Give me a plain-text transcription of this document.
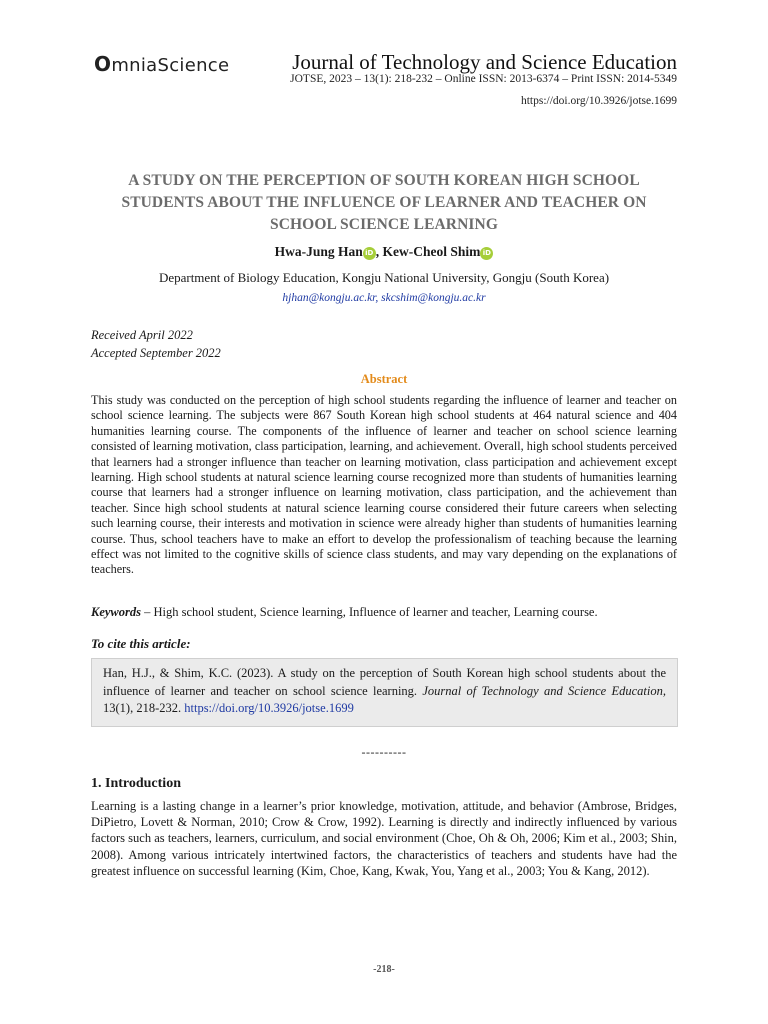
OmniaScience	Journal of Technology and Science Education
JOTSE, 2023 – 13(1): 218-232 – Online ISSN: 2013-6374 – Print ISSN: 2014-5349
https://doi.org/10.3926/jotse.1699
A STUDY ON THE PERCEPTION OF SOUTH KOREAN HIGH SCHOOL STUDENTS ABOUT THE INFLUENCE OF LEARNER AND TEACHER ON SCHOOL SCIENCE LEARNING
Hwa-Jung Han iD , Kew-Cheol Shim iD
Department of Biology Education, Kongju National University, Gongju (South Korea)
hjhan@kongju.ac.kr, skcshim@kongju.ac.kr
Received April 2022
Accepted September 2022
Abstract
This study was conducted on the perception of high school students regarding the influence of learner and teacher on school science learning. The subjects were 867 South Korean high school students at 464 natural science and 404 humanities learning course. The components of the influence of learner and teacher on school science learning consisted of learning motivation, class participation, learning, and achievement. Overall, high school students perceived that learners had a stronger influence than teacher on learning motivation, class participation and achievement except learning. High school students at natural science learning course recognized more than students of humanities learning course that learners had a stronger influence on learning motivation, class participation, and the achievement than teacher. Since high school students at natural science learning course considered their future careers when selecting such learning course, their interests and motivation in science were already higher than students of humanities learning course. Thus, school teachers have to make an effort to develop the professionalism of teaching because the learning effect was not limited to the cognitive skills of science class students, and may vary depending on the explanations of teachers.
Keywords – High school student, Science learning, Influence of learner and teacher, Learning course.
To cite this article:
Han, H.J., & Shim, K.C. (2023). A study on the perception of South Korean high school students about the influence of learner and teacher on school science learning. Journal of Technology and Science Education, 13(1), 218-232. https://doi.org/10.3926/jotse.1699
----------
1. Introduction
Learning is a lasting change in a learner’s prior knowledge, motivation, attitude, and behavior (Ambrose, Bridges, DiPietro, Lovett & Norman, 2010; Crow & Crow, 1992). Learning is directly and indirectly influenced by various factors such as teachers, learners, curriculum, and social environment (Choe, Oh & Oh, 2006; Kim et al., 2003; Shin, 2008). Among various intricately intertwined factors, the characteristics of teachers and students have had the greatest influence on successful learning (Kim, Choe, Kang, Kwak, You, Yang et al., 2003; You & Kang, 2012).
-218-
